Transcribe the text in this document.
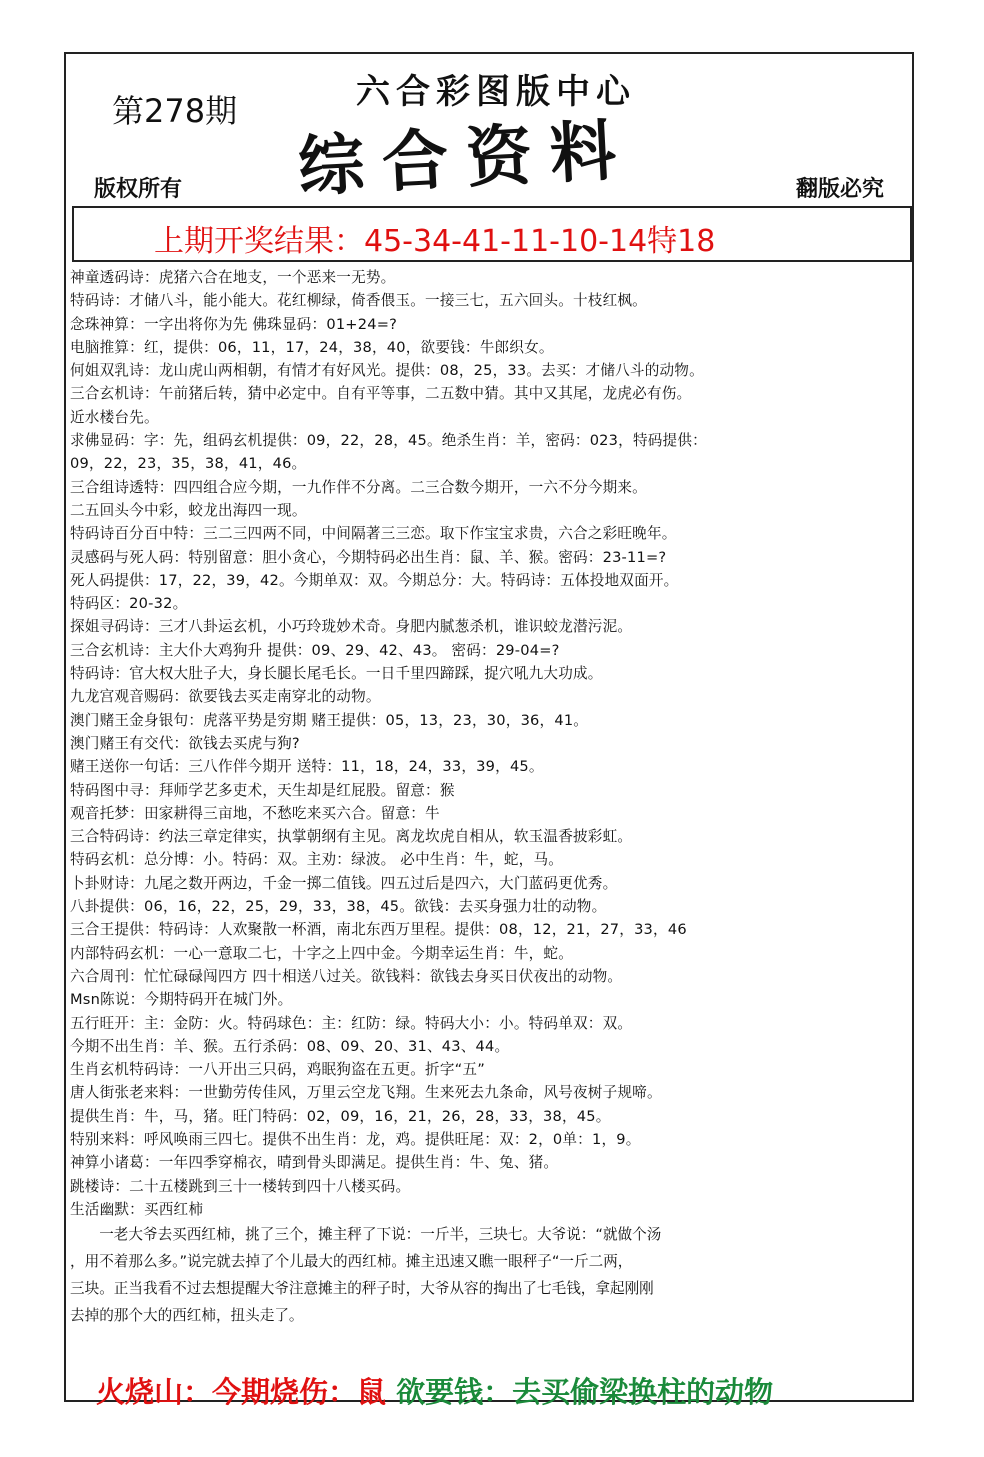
第278期	六合彩图版中心
综合资料
版权所有	翻版必究
上期开奖结果：45-34-41-11-10-14特18
神童透码诗：虎猪六合在地支，一个恶来一无势。
特码诗：才储八斗，能小能大。花红柳绿，倚香偎玉。一接三七，五六回头。十枝红枫。
念珠神算：一字出将你为先 佛珠显码：01+24=?
电脑推算：红，提供：06，11，17，24，38，40，欲要钱：牛郎织女。
何姐双乳诗：龙山虎山两相朝，有情才有好风光。提供：08，25，33。去买：才储八斗的动物。
三合玄机诗：午前猪后转，猜中必定中。自有平等事，二五数中猜。其中又其尾，龙虎必有伤。
近水楼台先。
求佛显码：字：先，组码玄机提供：09，22，28，45。绝杀生肖：羊，密码：023，特码提供：
09，22，23，35，38，41，46。
三合组诗透特：四四组合应今期，一九作伴不分离。二三合数今期开，一六不分今期来。
二五回头今中彩，蛟龙出海四一现。
特码诗百分百中特：三二三四两不同，中间隔著三三恋。取下作宝宝求贵，六合之彩旺晚年。
灵感码与死人码：特别留意：胆小贪心，今期特码必出生肖：鼠、羊、猴。密码：23-11=?
死人码提供：17，22，39，42。今期单双：双。今期总分：大。特码诗：五体投地双面开。
特码区：20-32。
探姐寻码诗：三才八卦运玄机，小巧玲珑妙术奇。身肥内腻葱杀机，谁识蛟龙潜污泥。
三合玄机诗：主大仆大鸡狗升 提供：09、29、42、43。 密码：29-04=?
特码诗：官大权大肚子大，身长腿长尾毛长。一日千里四蹄踩，捉穴吼九大功成。
九龙宫观音赐码：欲要钱去买走南穿北的动物。
澳门赌王金身银句：虎落平势是穷期 赌王提供：05，13，23，30，36，41。
澳门赌王有交代：欲钱去买虎与狗?
赌王送你一句话：三八作伴今期开 送特：11，18，24，33，39，45。
特码图中寻：拜师学艺多吏术，天生却是红屁股。留意：猴
观音托梦：田家耕得三亩地，不愁吃来买六合。留意：牛
三合特码诗：约法三章定律实，执掌朝纲有主见。离龙坎虎自相从，软玉温香披彩虹。
特码玄机：总分博：小。特码：双。主劝：绿波。 必中生肖：牛，蛇，马。
卜卦财诗：九尾之数开两边，千金一掷二值钱。四五过后是四六，大门蓝码更优秀。
八卦提供：06，16，22，25，29，33，38，45。欲钱：去买身强力壮的动物。
三合王提供：特码诗：人欢聚散一杯酒，南北东西万里程。提供：08，12，21，27，33，46
内部特码玄机：一心一意取二七，十字之上四中金。今期幸运生肖：牛，蛇。
六合周刊：忙忙碌碌闯四方 四十相送八过关。欲钱料：欲钱去身买日伏夜出的动物。
Msn陈说：今期特码开在城门外。
五行旺开：主：金防：火。特码球色：主：红防：绿。特码大小：小。特码单双：双。
今期不出生肖：羊、猴。五行杀码：08、09、20、31、43、44。
生肖玄机特码诗：一八开出三只码，鸡眠狗盗在五更。折字“五”
唐人街张老来料：一世勤劳传佳风，万里云空龙飞翔。生来死去九条命，风号夜树子规啼。
提供生肖：牛，马，猪。旺门特码：02，09，16，21，26，28，33，38，45。
特别来料：呼风唤雨三四七。提供不出生肖：龙，鸡。提供旺尾：双：2，0单：1，9。
神算小诸葛：一年四季穿棉衣，晴到骨头即满足。提供生肖：牛、兔、猪。
跳楼诗：二十五楼跳到三十一楼转到四十八楼买码。
生活幽默：买西红柿
　　一老大爷去买西红柿，挑了三个，摊主秤了下说：一斤半，三块七。大爷说：“就做个汤
，用不着那么多。”说完就去掉了个儿最大的西红柿。摊主迅速又瞧一眼秤子“一斤二两，
三块。正当我看不过去想提醒大爷注意摊主的秤子时，大爷从容的掏出了七毛钱，拿起刚刚
去掉的那个大的西红柿，扭头走了。
火烧山：今期烧伤：鼠 欲要钱：去买偷梁换柱的动物
